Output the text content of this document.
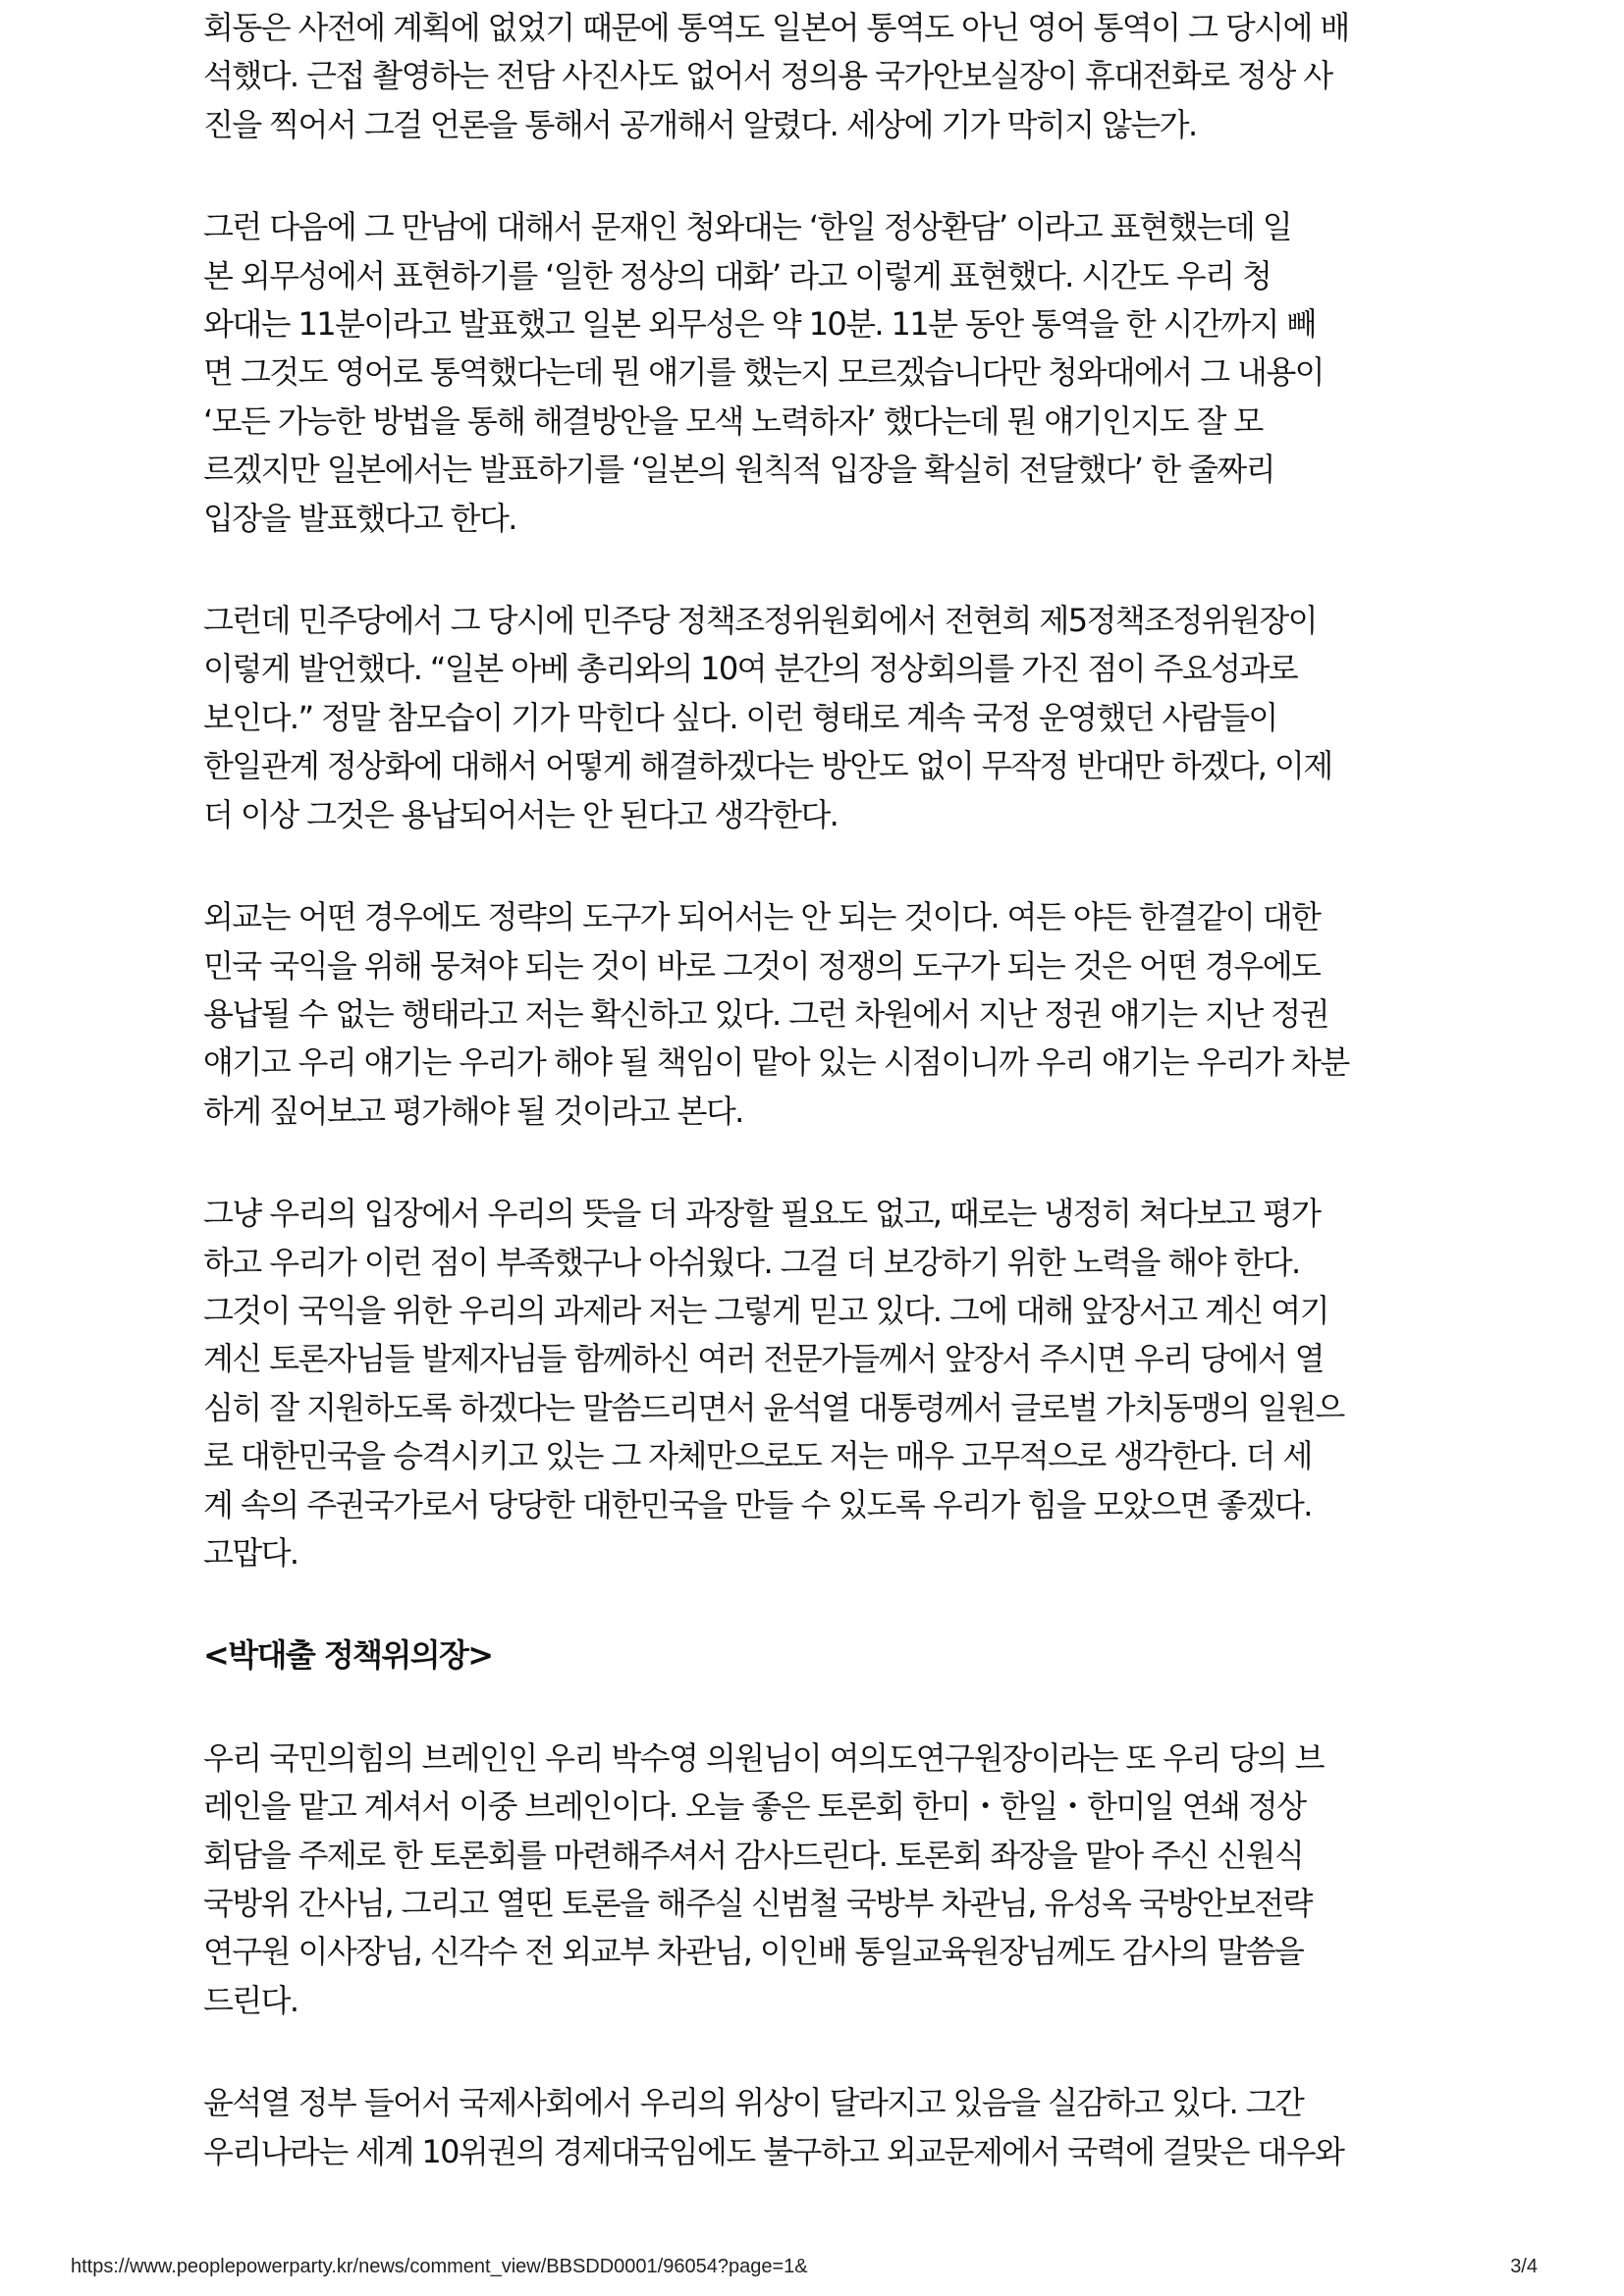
회동은 사전에 계획에 없었기 때문에 통역도 일본어 통역도 아닌 영어 통역이 그 당시에 배
석했다. 근접 촬영하는 전담 사진사도 없어서 정의용 국가안보실장이 휴대전화로 정상 사
진을 찍어서 그걸 언론을 통해서 공개해서 알렸다. 세상에 기가 막히지 않는가.
그런 다음에 그 만남에 대해서 문재인 청와대는 ‘한일 정상환담’ 이라고 표현했는데 일
본 외무성에서 표현하기를 ‘일한 정상의 대화’ 라고 이렇게 표현했다. 시간도 우리 청
와대는 11분이라고 발표했고 일본 외무성은 약 10분. 11분 동안 통역을 한 시간까지 빼
면 그것도 영어로 통역했다는데 뭔 얘기를 했는지 모르겠습니다만 청와대에서 그 내용이
‘모든 가능한 방법을 통해 해결방안을 모색 노력하자’ 했다는데 뭔 얘기인지도 잘 모
르겠지만 일본에서는 발표하기를 ‘일본의 원칙적 입장을 확실히 전달했다’ 한 줄짜리
입장을 발표했다고 한다.
그런데 민주당에서 그 당시에 민주당 정책조정위원회에서 전현희 제5정책조정위원장이
이렇게 발언했다. “일본 아베 총리와의 10여 분간의 정상회의를 가진 점이 주요성과로
보인다.” 정말 참모습이 기가 막힌다 싶다. 이런 형태로 계속 국정 운영했던 사람들이
한일관계 정상화에 대해서 어떻게 해결하겠다는 방안도 없이 무작정 반대만 하겠다, 이제
더 이상 그것은 용납되어서는 안 된다고 생각한다.
외교는 어떤 경우에도 정략의 도구가 되어서는 안 되는 것이다. 여든 야든 한결같이 대한
민국 국익을 위해 뭉쳐야 되는 것이 바로 그것이 정쟁의 도구가 되는 것은 어떤 경우에도
용납될 수 없는 행태라고 저는 확신하고 있다. 그런 차원에서 지난 정권 얘기는 지난 정권
얘기고 우리 얘기는 우리가 해야 될 책임이 맡아 있는 시점이니까 우리 얘기는 우리가 차분
하게 짚어보고 평가해야 될 것이라고 본다.
그냥 우리의 입장에서 우리의 뜻을 더 과장할 필요도 없고, 때로는 냉정히 쳐다보고 평가
하고 우리가 이런 점이 부족했구나 아쉬웠다. 그걸 더 보강하기 위한 노력을 해야 한다.
그것이 국익을 위한 우리의 과제라 저는 그렇게 믿고 있다. 그에 대해 앞장서고 계신 여기
계신 토론자님들 발제자님들 함께하신 여러 전문가들께서 앞장서 주시면 우리 당에서 열
심히 잘 지원하도록 하겠다는 말씀드리면서 윤석열 대통령께서 글로벌 가치동맹의 일원으
로 대한민국을 승격시키고 있는 그 자체만으로도 저는 매우 고무적으로 생각한다. 더 세
계 속의 주권국가로서 당당한 대한민국을 만들 수 있도록 우리가 힘을 모았으면 좋겠다.
고맙다.
<박대출 정책위의장>
우리 국민의힘의 브레인인 우리 박수영 의원님이 여의도연구원장이라는 또 우리 당의 브
레인을 맡고 계셔서 이중 브레인이다. 오늘 좋은 토론회 한미・한일・한미일 연쇄 정상
회담을 주제로 한 토론회를 마련해주셔서 감사드린다. 토론회 좌장을 맡아 주신 신원식
국방위 간사님, 그리고 열띤 토론을 해주실 신범철 국방부 차관님, 유성옥 국방안보전략
연구원 이사장님, 신각수 전 외교부 차관님, 이인배 통일교육원장님께도 감사의 말씀을
드린다.
윤석열 정부 들어서 국제사회에서 우리의 위상이 달라지고 있음을 실감하고 있다. 그간
우리나라는 세계 10위권의 경제대국임에도 불구하고 외교문제에서 국력에 걸맞은 대우와
https://www.peoplepowerparty.kr/news/comment_view/BBSDD0001/96054?page=1&	3/4
